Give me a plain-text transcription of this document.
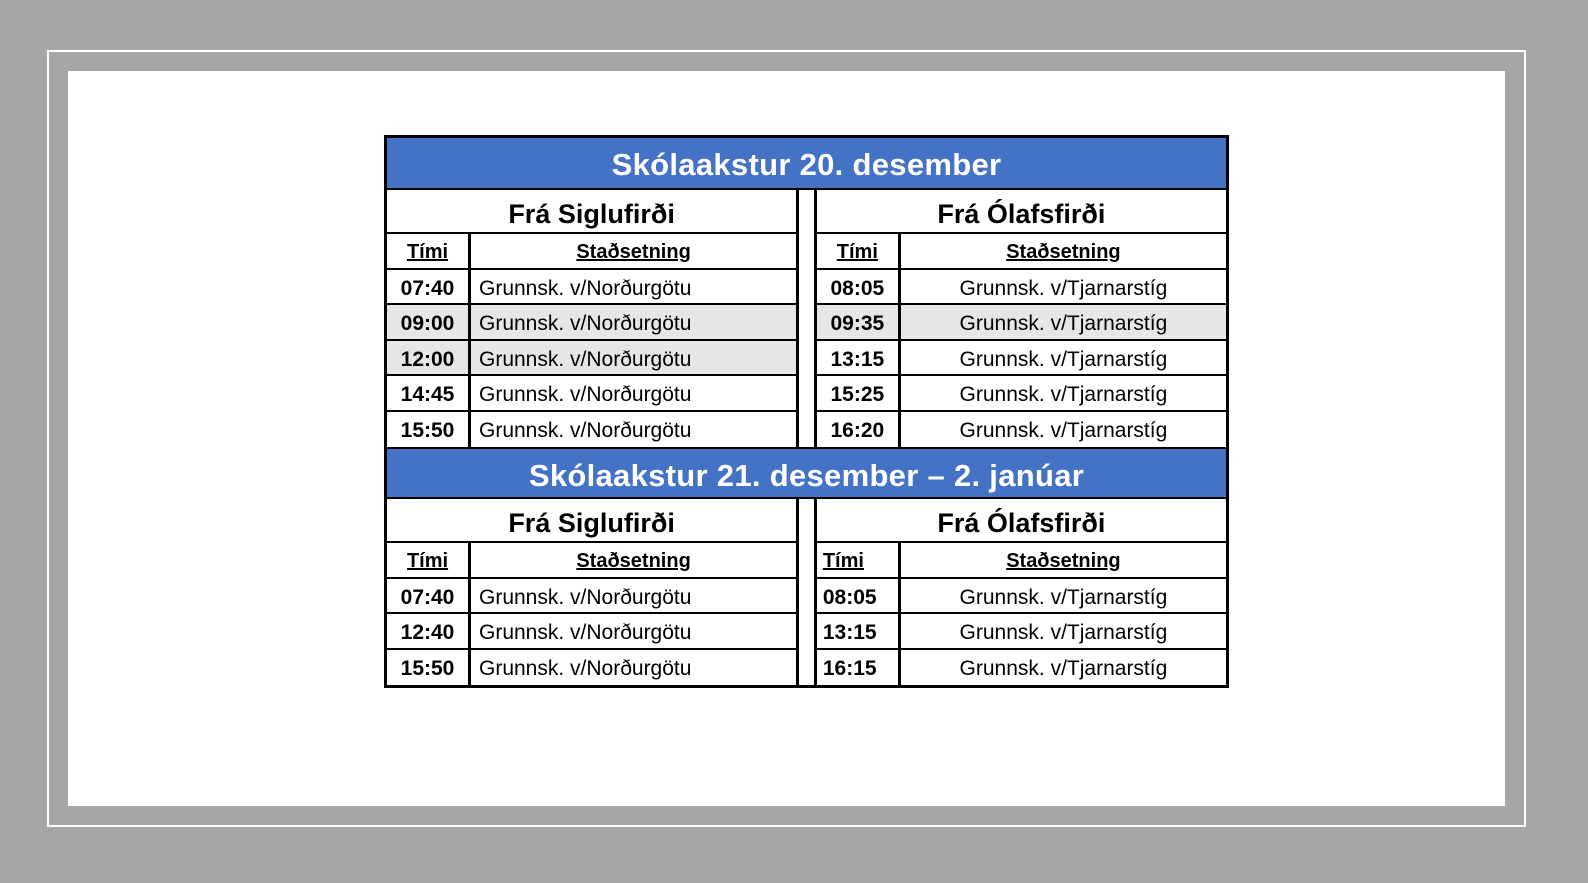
Skólaakstur 20. desember
Frá Siglufirði
Tími	Staðsetning
07:40	Grunnsk. v/Norðurgötu
09:00	Grunnsk. v/Norðurgötu
12:00	Grunnsk. v/Norðurgötu
14:45	Grunnsk. v/Norðurgötu
15:50	Grunnsk. v/Norðurgötu
Frá Ólafsfirði
Tími	Staðsetning
08:05	Grunnsk. v/Tjarnarstíg
09:35	Grunnsk. v/Tjarnarstíg
13:15	Grunnsk. v/Tjarnarstíg
15:25	Grunnsk. v/Tjarnarstíg
16:20	Grunnsk. v/Tjarnarstíg
Skólaakstur 21. desember – 2. janúar
Frá Siglufirði
Tími	Staðsetning
07:40	Grunnsk. v/Norðurgötu
12:40	Grunnsk. v/Norðurgötu
15:50	Grunnsk. v/Norðurgötu
Frá Ólafsfirði
Tími	Staðsetning
08:05	Grunnsk. v/Tjarnarstíg
13:15	Grunnsk. v/Tjarnarstíg
16:15	Grunnsk. v/Tjarnarstíg
